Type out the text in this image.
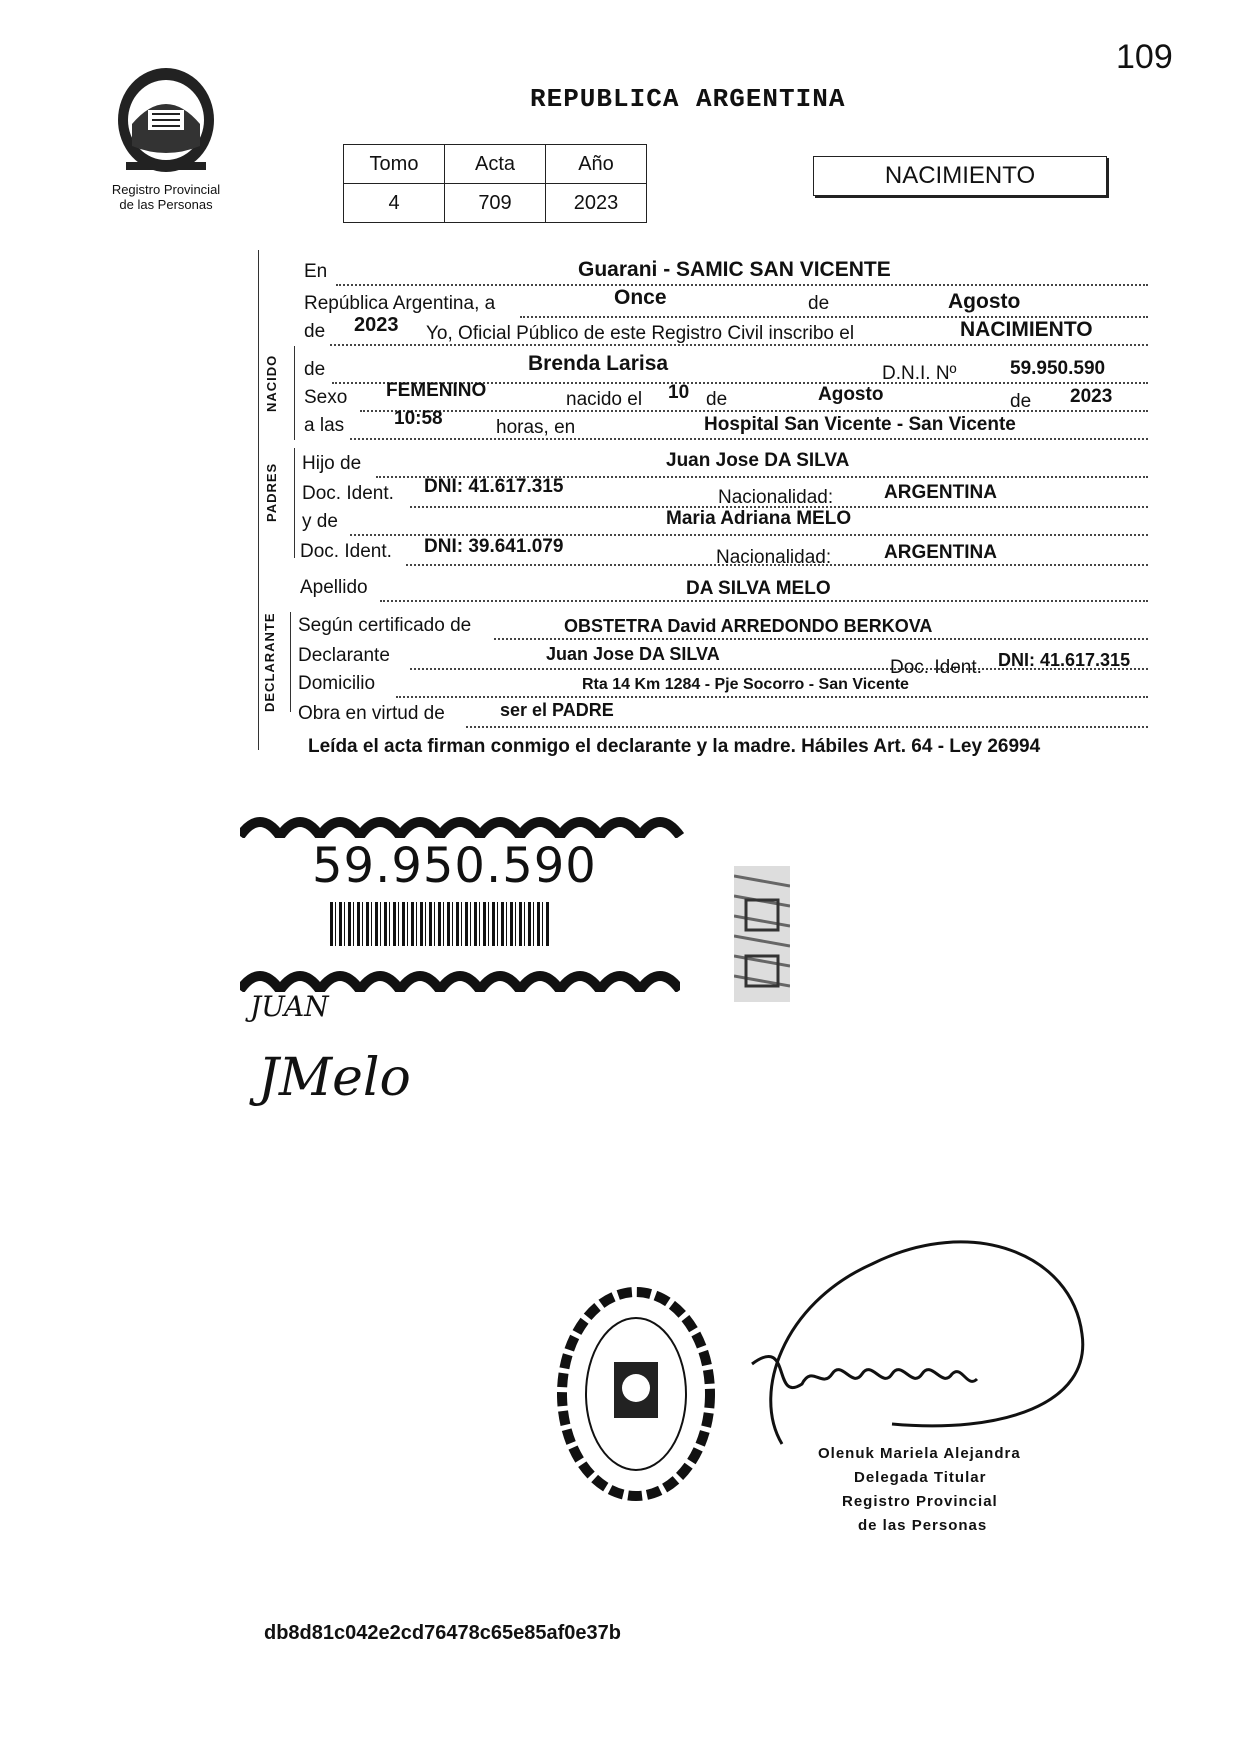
109
REPUBLICA ARGENTINA
Registro Provincial
de las Personas
Tomo	Acta	Año
4	709	2023
NACIMIENTO
NACIDO
PADRES
DECLARANTE
En	Guarani - SAMIC SAN VICENTE
República Argentina, a	Once	de	Agosto
de 2023 Yo, Oficial Público de este Registro Civil inscribo el	NACIMIENTO
de	Brenda Larisa	D.N.I. Nº	59.950.590
Sexo FEMENINO	nacido el 10 de	Agosto	de 2023
a las	10:58	horas, en	Hospital San Vicente - San Vicente
Hijo de	Juan Jose DA SILVA
Doc. Ident. DNI: 41.617.315
Nacionalidad:	ARGENTINA
y de	Maria Adriana MELO
Doc. Ident. DNI: 39.641.079
Nacionalidad:	ARGENTINA
Apellido	DA SILVA MELO
Según certificado de	OBSTETRA David ARREDONDO BERKOVA
Declarante	Juan Jose DA SILVA
Doc. Ident. DNI: 41.617.315
Domicilio	Rta 14 Km 1284 - Pje Socorro - San Vicente
Obra en virtud de	ser el PADRE
Leída el acta firman conmigo el declarante y la madre. Hábiles Art. 64 - Ley 26994
59.950.590
JUAN
JMelo
Olenuk Mariela Alejandra
Delegada Titular
Registro Provincial
de las Personas
db8d81c042e2cd76478c65e85af0e37b
